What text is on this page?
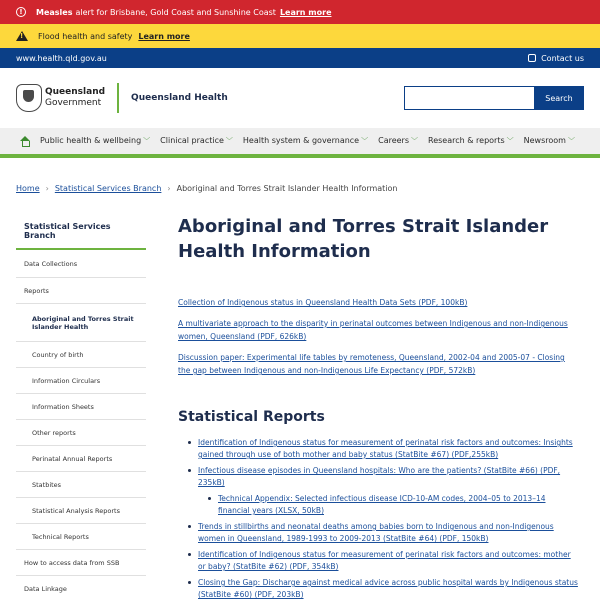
!	Measles alert for Brisbane, Gold Coast and Sunshine Coast Learn more
!
Flood health and safety Learn more
www.health.qld.gov.au	Contact us
Queensland
Government	Queensland Health	Search
Public health & wellbeing ﹀ Clinical practice ﹀ Health system & governance ﹀ Careers ﹀ Research & reports ﹀ Newsroom ﹀
Home › Statistical Services Branch › Aboriginal and Torres Strait Islander Health Information
Statistical Services Branch
Data Collections
Reports
Aboriginal and Torres Strait Islander Health
Country of birth
Information Circulars
Information Sheets
Other reports
Perinatal Annual Reports
Statbites
Statistical Analysis Reports
Technical Reports
How to access data from SSB
Data Linkage
Aboriginal and Torres Strait Islander Health Information
Collection of Indigenous status in Queensland Health Data Sets (PDF, 100kB)
A multivariate approach to the disparity in perinatal outcomes between Indigenous and non-Indigenous women, Queensland (PDF, 626kB)
Discussion paper: Experimental life tables by remoteness, Queensland, 2002-04 and 2005-07 - Closing the gap between Indigenous and non-Indigenous Life Expectancy (PDF, 572kB)
Statistical Reports
Identification of Indigenous status for measurement of perinatal risk factors and outcomes: Insights gained through use of both mother and baby status (StatBite #67) (PDF,255kB)
Infectious disease episodes in Queensland hospitals: Who are the patients? (StatBite #66) (PDF, 235kB)
Technical Appendix: Selected infectious disease ICD-10-AM codes, 2004–05 to 2013–14 financial years (XLSX, 50kB)
Trends in stillbirths and neonatal deaths among babies born to Indigenous and non-Indigenous women in Queensland, 1989-1993 to 2009-2013 (StatBite #64) (PDF, 150kB)
Identification of Indigenous status for measurement of perinatal risk factors and outcomes: mother or baby? (StatBite #62) (PDF, 354kB)
Closing the Gap: Discharge against medical advice across public hospital wards by Indigenous status (StatBite #60) (PDF, 203kB)
